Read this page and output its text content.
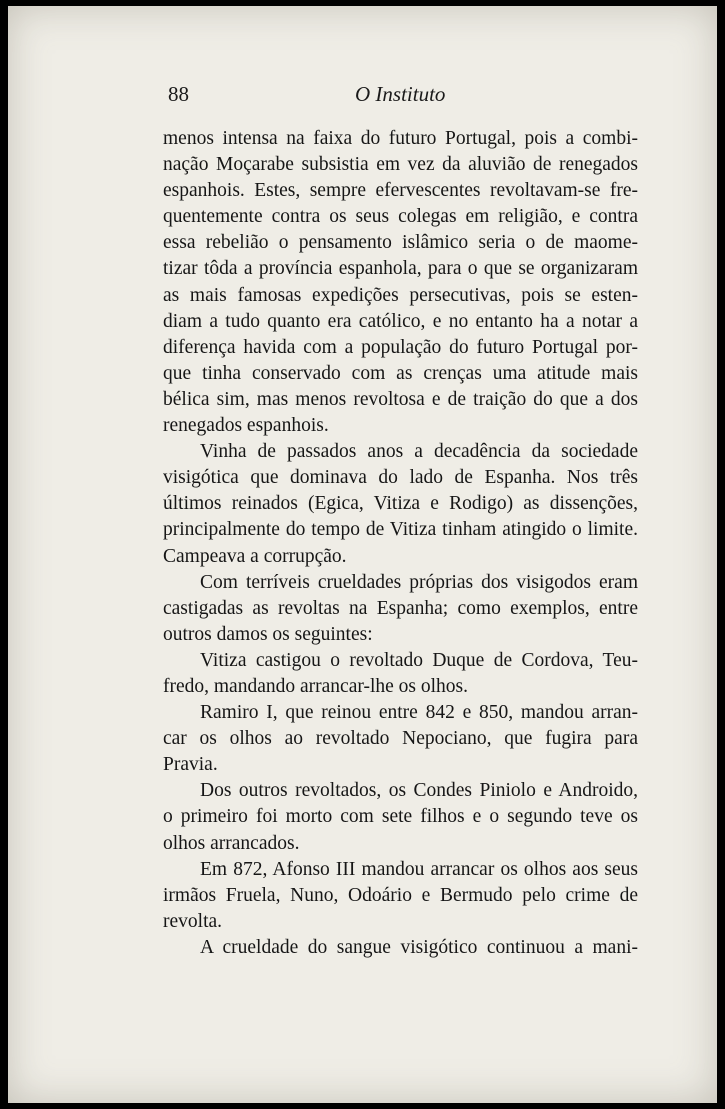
88	O Instituto
menos intensa na faixa do futuro Portugal, pois a combi-
nação Moçarabe subsistia em vez da aluvião de renegados
espanhois. Estes, sempre efervescentes revoltavam-se fre-
quentemente contra os seus colegas em religião, e contra
essa rebelião o pensamento islâmico seria o de maome-
tizar tôda a província espanhola, para o que se organizaram
as mais famosas expedições persecutivas, pois se esten-
diam a tudo quanto era católico, e no entanto ha a notar a
diferença havida com a população do futuro Portugal por-
que tinha conservado com as crenças uma atitude mais
bélica sim, mas menos revoltosa e de traição do que a dos
renegados espanhois.
Vinha de passados anos a decadência da sociedade
visigótica que dominava do lado de Espanha. Nos três
últimos reinados (Egica, Vitiza e Rodigo) as dissenções,
principalmente do tempo de Vitiza tinham atingido o limite.
Campeava a corrupção.
Com terríveis crueldades próprias dos visigodos eram
castigadas as revoltas na Espanha; como exemplos, entre
outros damos os seguintes:
Vitiza castigou o revoltado Duque de Cordova, Teu-
fredo, mandando arrancar-lhe os olhos.
Ramiro I, que reinou entre 842 e 850, mandou arran-
car os olhos ao revoltado Nepociano, que fugira para
Pravia.
Dos outros revoltados, os Condes Piniolo e Androido,
o primeiro foi morto com sete filhos e o segundo teve os
olhos arrancados.
Em 872, Afonso III mandou arrancar os olhos aos seus
irmãos Fruela, Nuno, Odoário e Bermudo pelo crime de
revolta.
A crueldade do sangue visigótico continuou a mani-
